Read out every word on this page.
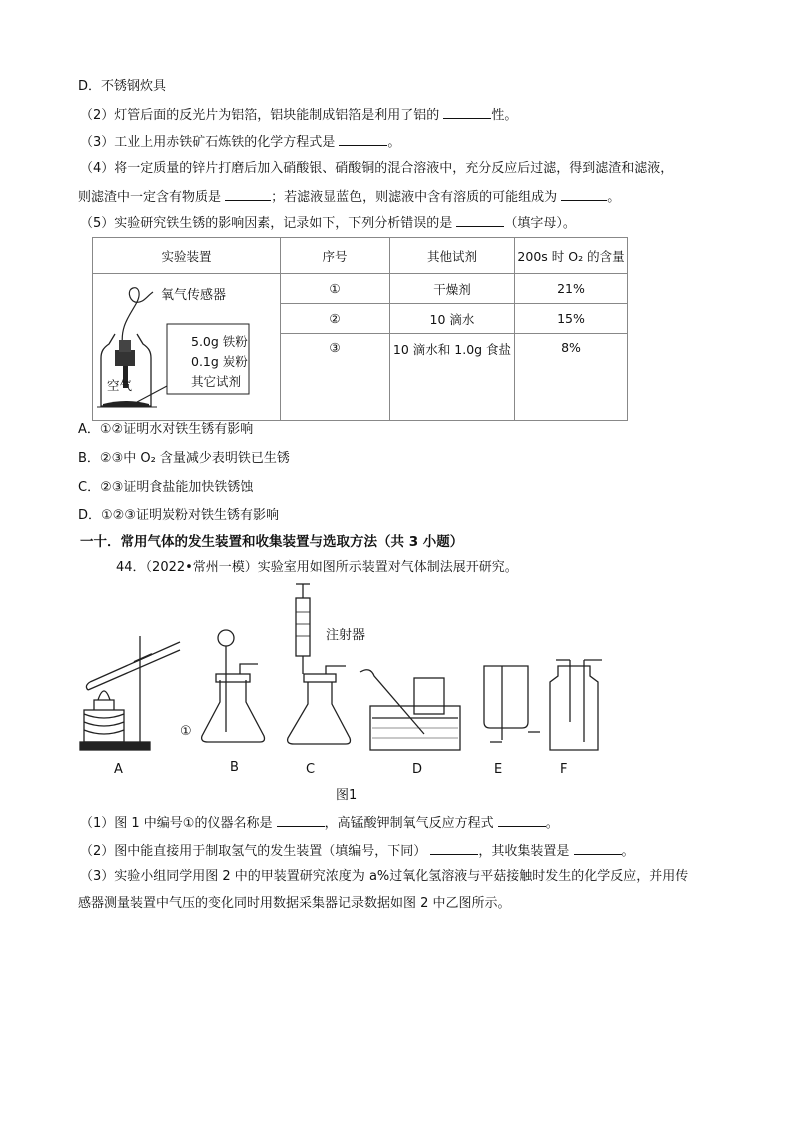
D．不锈钢炊具
（2）灯管后面的反光片为铝箔，铝块能制成铝箔是利用了铝的	性。
（3）工业上用赤铁矿石炼铁的化学方程式是	。
（4）将一定质量的锌片打磨后加入硝酸银、硝酸铜的混合溶液中，充分反应后过滤，得到滤渣和滤液，
则滤渣中一定含有物质是	；若滤液显蓝色，则滤液中含有溶质的可能组成为	。
（5）实验研究铁生锈的影响因素，记录如下，下列分析错误的是	（填字母）。
实验装置	序号	其他试剂	200s 时 O₂ 的含量

氧气传感器
5.0g 铁粉
0.1g 炭粉
其它试剂
空气	①	干燥剂	21%
	②	10 滴水	15%
	③	10 滴水和 1.0g 食盐	8%
A．①②证明水对铁生锈有影响
B．②③中 O₂ 含量减少表明铁已生锈
C．②③证明食盐能加快铁锈蚀
D．①②③证明炭粉对铁生锈有影响
一十．常用气体的发生装置和收集装置与选取方法（共 3 小题）
44．（2022•常州一模）实验室用如图所示装置对气体制法展开研究。
注射器
①
A	B	C	D	E	F
图1
（1）图 1 中编号①的仪器名称是	，高锰酸钾制氧气反应方程式	。
（2）图中能直接用于制取氢气的发生装置（填编号，下同）	，其收集装置是	。
（3）实验小组同学用图 2 中的甲装置研究浓度为 a%过氧化氢溶液与平菇接触时发生的化学反应，并用传
感器测量装置中气压的变化同时用数据采集器记录数据如图 2 中乙图所示。
